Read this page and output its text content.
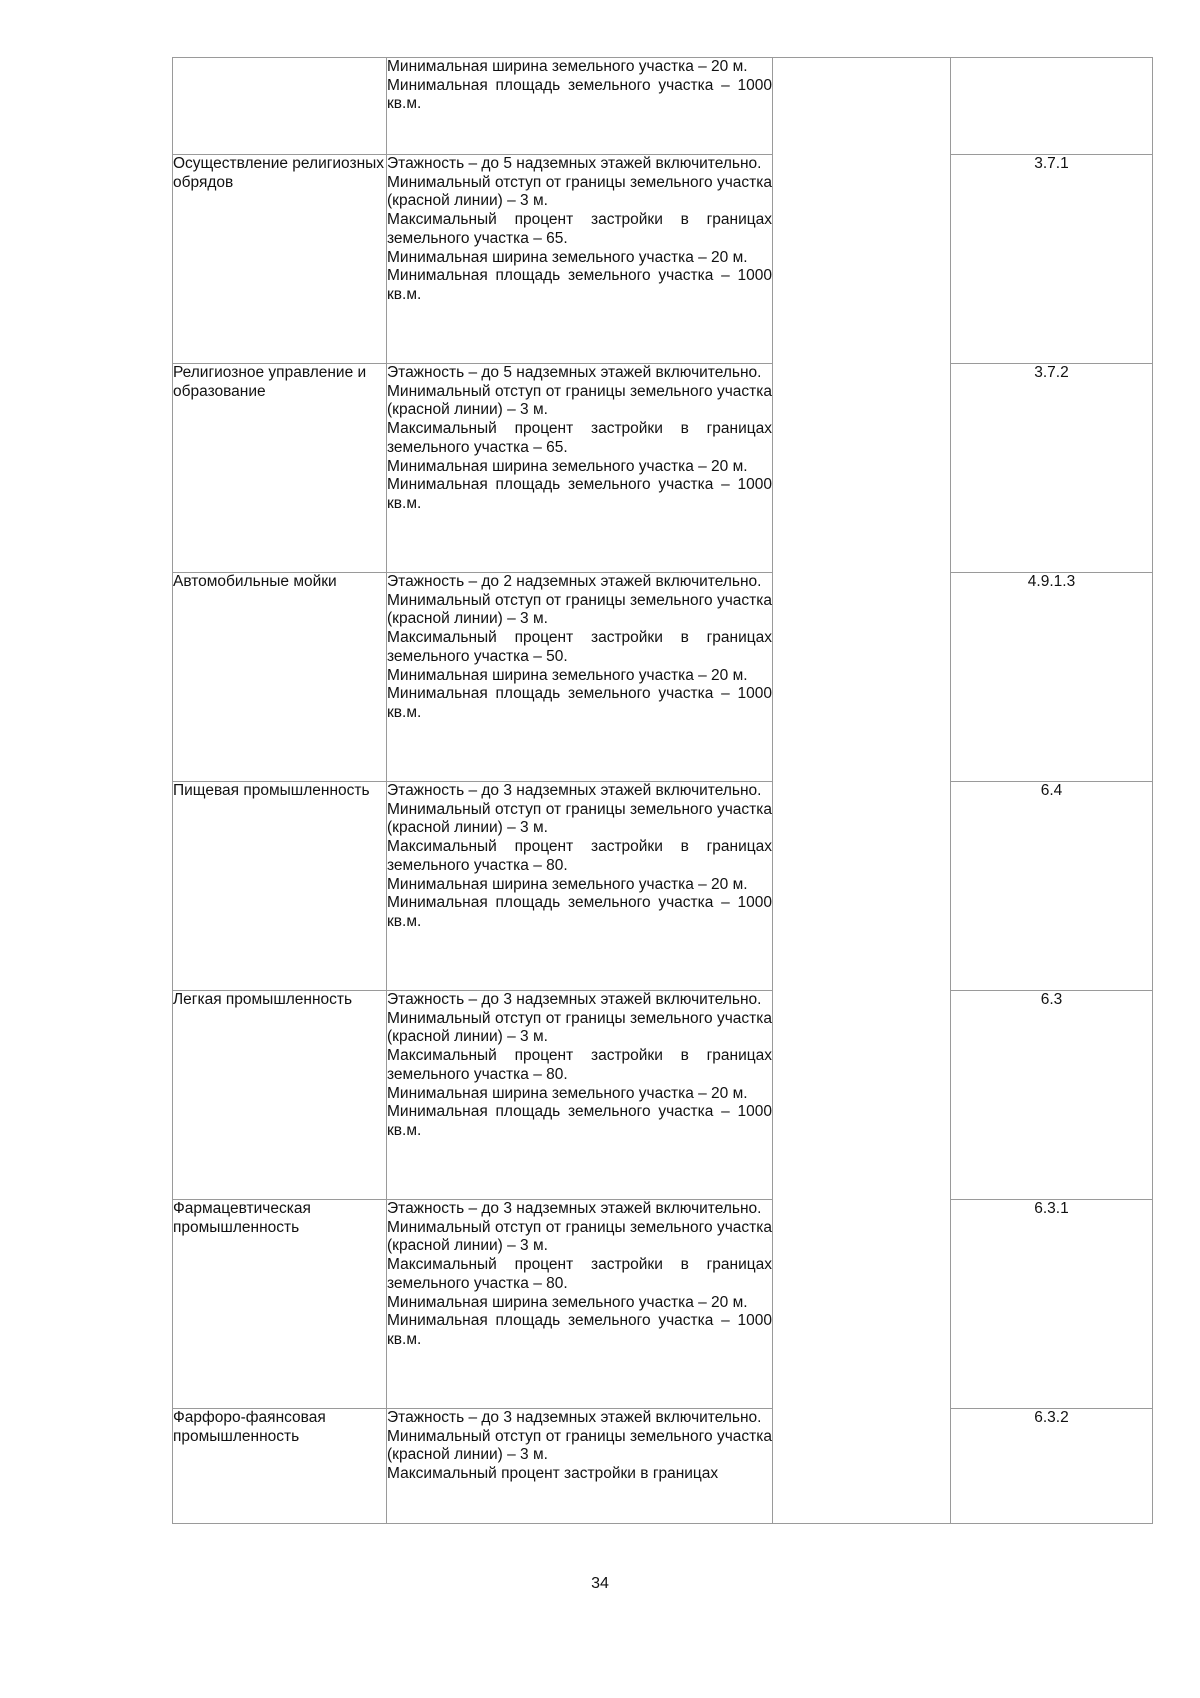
	Минимальная ширина земельного участка – 20 м.
Минимальная площадь земельного участка – 1000 кв.м.		

Осуществление религиозных обрядов	Этажность – до 5 надземных этажей включительно.
Минимальный отступ от границы земельного участка (красной линии) – 3 м.
Максимальный процент застройки в границах земельного участка – 65.
Минимальная ширина земельного участка – 20 м.
Минимальная площадь земельного участка – 1000 кв.м.		3.7.1
Религиозное управление и образование	Этажность – до 5 надземных этажей включительно.
Минимальный отступ от границы земельного участка (красной линии) – 3 м.
Максимальный процент застройки в границах земельного участка – 65.
Минимальная ширина земельного участка – 20 м.
Минимальная площадь земельного участка – 1000 кв.м.		3.7.2
Автомобильные мойки	Этажность – до 2 надземных этажей включительно.
Минимальный отступ от границы земельного участка (красной линии) – 3 м.
Максимальный процент застройки в границах земельного участка – 50.
Минимальная ширина земельного участка – 20 м.
Минимальная площадь земельного участка – 1000 кв.м.		4.9.1.3
Пищевая промышленность	Этажность – до 3 надземных этажей включительно.
Минимальный отступ от границы земельного участка (красной линии) – 3 м.
Максимальный процент застройки в границах земельного участка – 80.
Минимальная ширина земельного участка – 20 м.
Минимальная площадь земельного участка – 1000 кв.м.		6.4
Легкая промышленность	Этажность – до 3 надземных этажей включительно.
Минимальный отступ от границы земельного участка (красной линии) – 3 м.
Максимальный процент застройки в границах земельного участка – 80.
Минимальная ширина земельного участка – 20 м.
Минимальная площадь земельного участка – 1000 кв.м.		6.3
Фармацевтическая промышленность	Этажность – до 3 надземных этажей включительно.
Минимальный отступ от границы земельного участка (красной линии) – 3 м.
Максимальный процент застройки в границах земельного участка – 80.
Минимальная ширина земельного участка – 20 м.
Минимальная площадь земельного участка – 1000 кв.м.		6.3.1
Фарфоро-фаянсовая промышленность	Этажность – до 3 надземных этажей включительно.
Минимальный отступ от границы земельного участка (красной линии) – 3 м.
Максимальный процент застройки в границах		6.3.2
34
